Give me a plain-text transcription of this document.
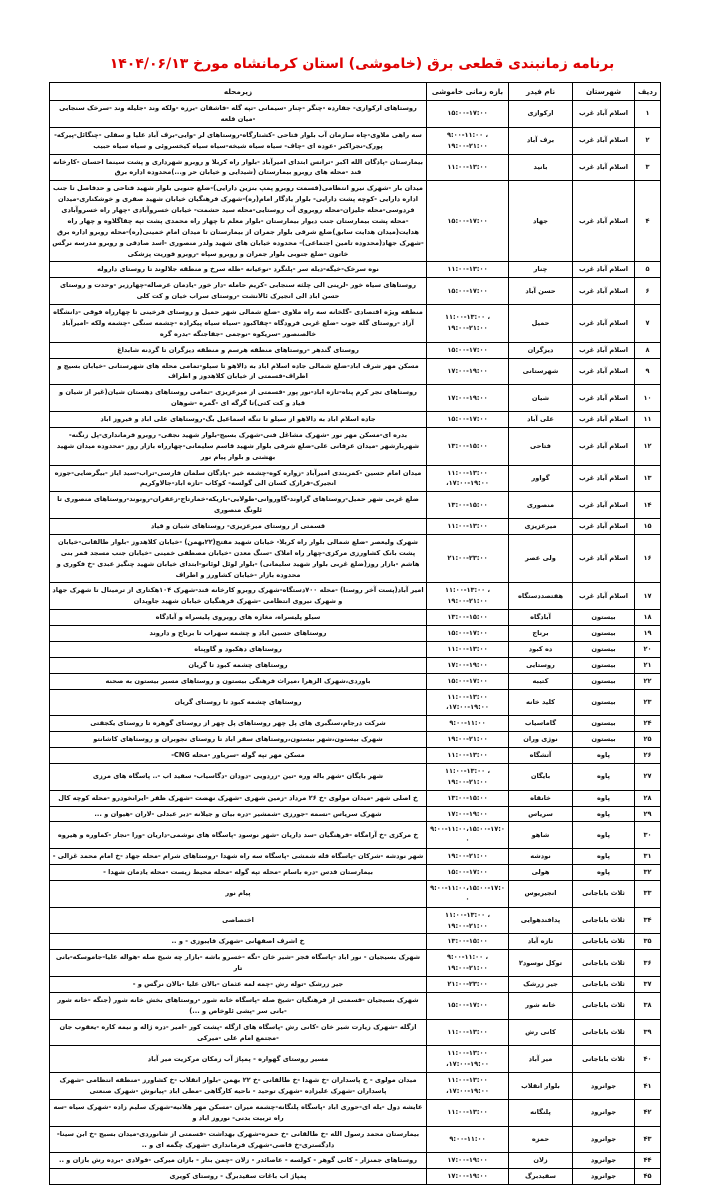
برنامه زمانبندی قطعی برق (خاموشی) استان کرمانشاه مورخ ۱۴۰۴/۰۶/۱۳
ردیف	شهرستان	نام فیدر	بازه زمانی خاموشی	زیرمحله
۱	اسلام آباد غرب	ارکوازی	۱۵:۰۰-۱۷:۰۰	روستاهای ارکوازی- جفارده -چنگر -چنار -سیمانی -تپه گله -فاشقان -برزه -ولکه وند -جلیله وند -سرخک سنجابی -میان قلعه
۲	اسلام آباد غرب	برف آباد	۹:۰۰-۱۱:۰۰ ، ۱۹:۰۰-۲۱:۰۰	سه راهی ملاوی-چاه سازمان آب بلوار فتاحی -کشتارگاه-روستاهای لر -وایی-برف آباد علیا و سفلی -چنگائل-پیرکه-پورک-نجراکبر -عوده ای -چاف- سیاه سیاه شیخه-سیاه سیاه کیخسروئی و سیاه سیاه حبیب
۳	اسلام آباد غرب	بانید	۱۱:۰۰-۱۳:۰۰	بیمارستان -پادگان الله اکبر -ترانس ابتدای امیرآباد -بلوار راه کربلا و روبرو شهرداری و پشت سینما احسان -کارخانه قند -محله های روبرو بیمارستان (شیدایی و خیابان حر و...)محدوده اداره برق
۴	اسلام آباد غرب	جهاد	۱۵:۰۰-۱۷:۰۰	میدان بار -شهرک نیرو انتظامی(قسمت روبرو پمپ بنزین دارایی)-ضلع جنوبی بلوار شهید فتاحی و حدفاصل تا جنب اداره دارایی -کوچه پشت دارایی- بلوار یادگار امام(ره)-شهرک فرهنگیان خیابان شهید صفری و خوشکناری-میدان فردوسی-محله جلیزان-محله روبروی آب روستایی-محله سید حشمت- خیابان خسروآبادی -چهار راه خسروآبادی -محله پشت بیمارستان جنب دیوار بیمارستان -بلوار معلم تا چهار راه محمدی پشت تپه چقاگلاوه و چهار راه هدایت(میدان هدایت سابق)ضلع شرقی بلوار جمران از بیمارستان تا میدان امام خمینی(ره)-محله روبرو اداره برق -شهرک جهاد(محدوده تامین اجتماعی)- محدوده خیابان های شهید ولدر منصوری -اسد صادقی و روبرو مدرسه نرگس خاتون -ضلع جنوبی بلوار جمران و روبرو سپاه -روبرو فوریت پزشکی
۵	اسلام آباد غرب	چنار	۱۱:۰۰-۱۳:۰۰	نوه سرخک-خیگه-دیله سر -پلنگرد -نوعیانه -طله سرخ و منطقه جلالوند تا روستای داروله
۶	اسلام آباد غرب	حسن آباد	۱۵:۰۰-۱۷:۰۰	روستاهای سیاه خور -لرینی الی چلثه سنجابی -کریم حامله -دار خور -یادمان عرصاله-چهارزبر -وحدت و روستای حسن اباد الی انجیرک ئالانشت -روستای سراب خیان و کت کلی
۷	اسلام آباد غرب	حمیل	۱۱:۰۰-۱۳:۰۰ ، ۱۹:۰۰-۲۱:۰۰	منطقه ویژه اقتصادی -گلخانه سه راه ملاوی -ضلع شمالی شهر حمیل و روستای فرخینی تا چهارراه فوقی -دانشگاه آزاد -روستای گله جوب -ضلع غربی فرودگاه -چقاکبود -سیاه سیاه پیکراده -چشمه سنگی -چشمه ولکه -امیرآباد خالصنصور -سریکوه -نوجمی -جفاجنگه -بدره گره
۸	اسلام آباد غرب	دیزگران	۱۵:۰۰-۱۷:۰۰	روستای گندهر -روستاهای منطقه هرسم و منطقه دیزگران تا گردنه شابداغ
۹	اسلام آباد غرب	شهرستانی	۱۷:۰۰-۱۹:۰۰	مسکن مهر شرف اباد-ضلع شمالی جاده اسلام اباد به دالاهو تا سیلو-تمامی محله های شهرستانی -خیابان بسیج و اطراف-قسمتی از خیابان کلاهدوز و اطراف
۱۰	اسلام آباد غرب	شیان	۱۷:۰۰-۱۹:۰۰	روستاهای تجر کرم پناه-تازه اباد-نور پور -قسمتی از میرعزیزی -تمامی روستاهای دهستان شیان(غیر از شیان و قیاد و کت کتی)تا گرگه ای -گمره -شوهان
۱۱	اسلام آباد غرب	علی آباد	۱۵:۰۰-۱۷:۰۰	جاده اسلام اباد به دالاهو از سیلو تا تنگه اسماعیل بگ-روستاهای علی اباد و فیروز اباد
۱۲	اسلام آباد غرب	فتاحی	۱۳:۰۰-۱۵:۰۰	بدره ای-مسکن مهر نور -شهرک مشاغل فنی-شهرک بسیج-بلوار شهید نجفی- روبرو فرمانداری-پل زنگنه-شهربارشهر -میدان عرفانی علی-ضلع شرقی بلوار شهید قاسم سلیمانی-چهارراه بازار روز -محدوده میدان شهید بهشتی و بلوار پیام نور
۱۳	اسلام آباد غرب	گواور	۱۱:۰۰-۱۳:۰۰ ،۱۷:۰۰-۱۹:۰۰	میدان امام حسین -کمربندی امیرآباد -زواره کوه-چشمه خیر -پادگان سلمان فارسی-تراب-سید ایاز -بیگرضایی-جوزه انجیرک-قرازک کسان الی گولسه- کوکاب -تازه اباد-جالاوکریم
۱۴	اسلام آباد غرب	منصوری	۱۳:۰۰-۱۵:۰۰	ضلع غربی شهر حمیل-روستاهای گراوند-گاوروانی-طولایی-باریکه-خمارتاج-زعفران-رونوند-روستاهای منصوری تا ئلونگ منصوری
۱۵	اسلام آباد غرب	میرعزیزی	۱۱:۰۰-۱۳:۰۰	قسمتی از روستای میرعزیزی- روستاهای شیان و قیاد
۱۶	اسلام آباد غرب	ولی عصر	۲۱:۰۰-۲۳:۰۰	شهرک ولیعصر -ضلع شمالی بلوار راه کربلا- خیابان شهید مفتح(۲۲بهمن) -خیابان کلاهدوز -بلوار طالقانی-خیابان پشت بانک کشاورزی مرکزی-چهار راه املاک -سنگ معدن -خیابان مصطفی خمینی -خیابان جنب مسجد قمر بنی هاشم -بازار روز(ضلع غربی بلوار شهید سلیمانی) -بلوار لوئل لوئانو-ابتدای خیابان شهید چنگیز عبدی -خ فکوری و محدوده بازار -خیابان کشاورز و اطراف
۱۷	اسلام آباد غرب	هفتصددستگاه	۱۱:۰۰-۱۳:۰۰ ، ۱۹:۰۰-۲۱:۰۰	امیر آباد(پست آخر روستا) -محله ۷۰۰دستگاه-شهرک روبرو کارخانه قند-شهرک ۱۰۴هکتاری از ترمینال تا شهرک جهاد و شهرک نیروی انتظامی -شهرک فرهنگیان خیابان شهید جاویدان
۱۸	بیستون	آبادگاه	۱۳:۰۰-۱۵:۰۰	سیلو پلیسراه، مغازه های روبروی پلیسراه و آبادگاه
۱۹	بیستون	برناج	۱۵:۰۰-۱۷:۰۰	روستاهای حسین اباد و چشمه سهراب تا برناج و داروند
۲۰	بیستون	ده کبود	۱۱:۰۰-۱۳:۰۰	روستاهای دهکبود و گاوپناه
۲۱	بیستون	روستایی	۱۷:۰۰-۱۹:۰۰	روستاهای چشمه کبود تا گریان
۲۲	بیستون	کتیبه	۱۵:۰۰-۱۷:۰۰	باوردی،شهرک الزهرا ،میراث فرهنگی بیستون و روستاهای مسیر بیستون به صحنه
۲۳	بیستون	کلید خانه	۱۱:۰۰-۱۳:۰۰ ،۱۷:۰۰-۱۹:۰۰	روستاهای چشمه کبود تا روستای گریان
۲۴	بیستون	گاماسیاب	۹:۰۰-۱۱:۰۰	شرکت درجام،سنگبری های پل چهر روستاهای پل چهر از روستای گوهره تا روستای یکجفتی
۲۵	بیستون	نوژی وران	۱۹:۰۰-۲۱:۰۰	شهرک بیستون،شهر بیستون،روستاهای سفر اباد تا روستای نجوبران و روستاهای کاشانتو
۲۶	پاوه	آتشگاه	۱۱:۰۰-۱۳:۰۰	مسکن مهر تپه گوله -سرباور -محله CNG-
۲۷	پاوه	بایگان	۱۱:۰۰-۱۳:۰۰ ، ۱۹:۰۰-۲۱:۰۰	شهر بایگان -شهر باله وره -تین -زردویی -دودان -دگاسیاب- سفید اب -.. پاسگاه های مرزی
۲۸	پاوه	خانقاه	۱۳:۰۰-۱۵:۰۰	خ اصلی شهر -میدان مولوی -خ ۲۶ مرداد -زمین شهری -شهرک نهضت -شهرک ظفر -ایرانخودرو -محله کوچه کال
۲۹	پاوه	سریاس	۱۷:۰۰-۱۹:۰۰	شهرک سریاس -نسمه -جورزی -شمشیر -دره بیان و جیلانه -دیر عبدلی -لاران -هیوان و ...
۳۰	پاوه	شاهو	۹:۰۰-۱۱:۰۰،۱۵:۰۰-۱۷:۰۰	خ مرکزی -خ آرامگاه -فرهنگیان -سد داریان -شهر نوسود -پاسگاه های نوشمی-داریان -ورا -نجار -کماوره و هیروه
۳۱	پاوه	نودشه	۱۹:۰۰-۲۱:۰۰	شهر نودشه -شرکان -پاسگاه قله شمشی -پاسگاه سه راه شهدا -روستاهای شرام -محله جهاد -خ امام محمد غزالی -
۳۲	پاوه	هولی	۱۵:۰۰-۱۷:۰۰	بیمارستان قدس -دره باسام -محله تپه گوله -محله محیط زیست -محله یادمان شهدا -
۳۳	ثلاث باباجانی	انجیریوس	۹:۰۰-۱۱:۰۰،۱۵:۰۰-۱۷:۰۰	پیام نور
۳۴	ثلاث باباجانی	پدافندهوایی	۱۱:۰۰-۱۳:۰۰ ، ۱۹:۰۰-۲۱:۰۰	اختصاصی
۳۵	ثلاث باباجانی	تازه آباد	۱۳:۰۰-۱۵:۰۰	خ اشرف اصفهانی -شهرک قایبوزی - و ..
۳۶	ثلاث باباجانی	توکل نوسود۲	۹:۰۰-۱۱:۰۰ ، ۱۹:۰۰-۲۱:۰۰	شهرک بسیجیان - نور اباد -پاسگاه فجر -شیر خان -تگه -خسرو باشه -بازار چه شیخ صله -هواله علیا-جاموسکه-بانی تار
۳۷	ثلاث باباجانی	جیر زرشک	۲۱:۰۰-۲۳:۰۰	جیر زرشک -توله رش -چمه لمه عثمان -بالان علیا -بالان نرگس و -
۳۸	ثلاث باباجانی	خانه شور	۱۵:۰۰-۱۷:۰۰	شهرک بسیجیان -قسمتی از فرهنگیان -شیخ صله -پاسگاه خانه شور -روستاهای بخش خانه شور (جنگه -خانه شور -بانی سر -پشی ئلوخاص و ...)
۳۹	ثلاث باباجانی	کانی رش	۱۱:۰۰-۱۳:۰۰	ازگله -شهرک زیارت شیر خان -کانی رش -پاسگاه های ازگله -پشت کور -امیر -دره ژاله و نیمه کاره -یعقوب جان -مجتمع امام علی -میرکی
۴۰	ثلاث باباجانی	میر آباد	۱۱:۰۰-۱۳:۰۰ ،۱۷:۰۰-۱۹:۰۰	مسیر روستای گهواره - پمپاژ آب زمکان مرکزیت میر آباد
۴۱	جوانرود	بلوار انقلاب	۱۱:۰۰-۱۳:۰۰ ،۱۷:۰۰-۱۹:۰۰	میدان مولوی - خ پاسداران -خ شهدا -خ طالقانی -خ ۲۲ بهمن -بلوار انقلاب -خ کشاورز -منطقه انتظامی -شهرک پاسداران -شهرک علیزاده -شهرک توحید - ناحیه کارگاهی -مطی اباد -پیانوش -شهرک صنعتی
۴۲	جوانرود	پلنگانه	۱۱:۰۰-۱۳:۰۰	عایشه دول -یله ای-حوری اباد -پاسگاه پلنگانه-چشمه میران -مسکن مهر هلانیه-شهرک سلیم زاده -شهرک سیاه -سه راه تربیت بدنی- نوروز اباد و
۴۳	جوانرود	حمزه	۹:۰۰-۱۱:۰۰	بیمارستان محمد رسول الله -خ طالقانی -خ حمزه-شهرک بهداشت -قسمتی از شانوردی-میدان بسیج -خ ابن سینا-دادگستری-خ قاضی-شهرک فرمانداری -شهرک چگمه ای و ..
۴۴	جوانرود	زلان	۱۷:۰۰-۱۹:۰۰	روستاهای جمنزار - کانی گوهر - کولسه - عاصائدر - زلان -چمن بنار - بازان میرکی -فولادی -برده رش بازان و ..
۴۵	جوانرود	سفیدبرگ	۱۷:۰۰-۱۹:۰۰	پمپاژ اب باغات سفیدبرگ - روستای کویری
